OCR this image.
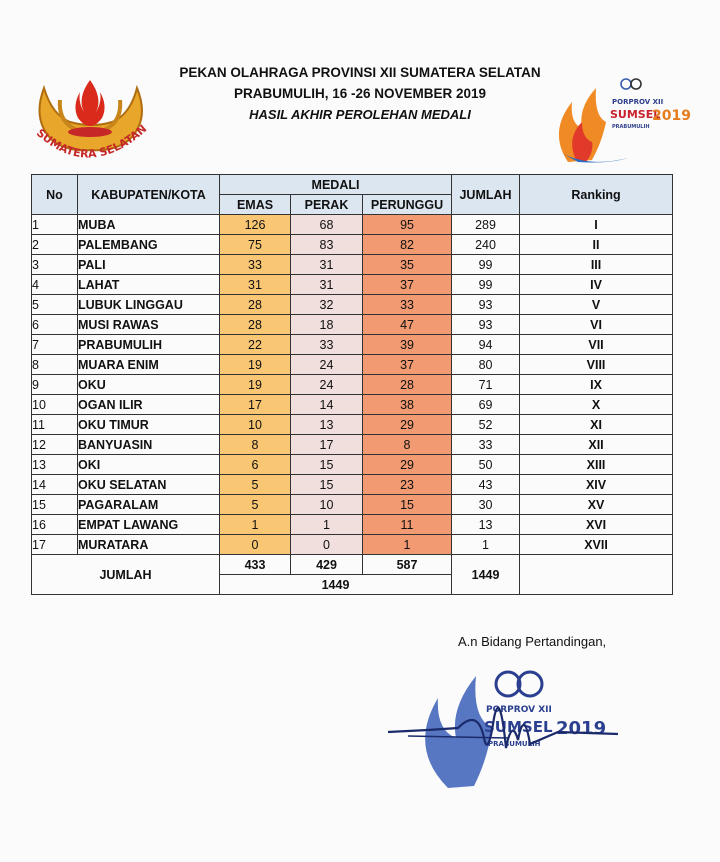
SUMATERA SELATAN
PEKAN OLAHRAGA PROVINSI XII SUMATERA SELATAN
PRABUMULIH, 16 -26 NOVEMBER 2019
HASIL AKHIR PEROLEHAN MEDALI
PORPROV XII
SUMSEL
2019
PRABUMULIH
No	KABUPATEN/KOTA	MEDALI			JUMLAH	Ranking
		EMAS	PERAK	PERUNGGU		
1	MUBA	126	68	95	289	I
2	PALEMBANG	75	83	82	240	II
3	PALI	33	31	35	99	III
4	LAHAT	31	31	37	99	IV
5	LUBUK LINGGAU	28	32	33	93	V
6	MUSI RAWAS	28	18	47	93	VI
7	PRABUMULIH	22	33	39	94	VII
8	MUARA ENIM	19	24	37	80	VIII
9	OKU	19	24	28	71	IX
10	OGAN ILIR	17	14	38	69	X
11	OKU TIMUR	10	13	29	52	XI
12	BANYUASIN	8	17	8	33	XII
13	OKI	6	15	29	50	XIII
14	OKU SELATAN	5	15	23	43	XIV
15	PAGARALAM	5	10	15	30	XV
16	EMPAT LAWANG	1	1	11	13	XVI
17	MURATARA	0	0	1	1	XVII
JUMLAH		433	429	587	1449	
		1449				
A.n Bidang Pertandingan,
PORPROV XII
SUMSEL 2019
PRABUMULIH
